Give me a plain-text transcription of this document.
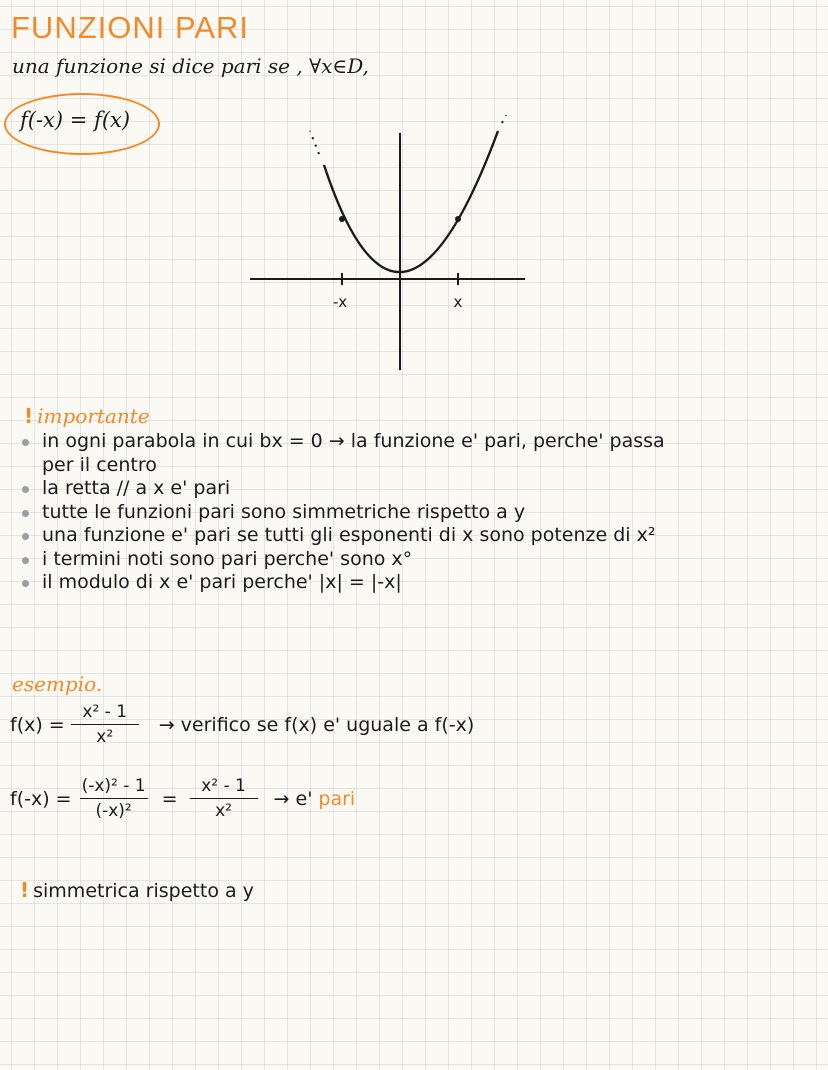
FUNZIONI PARI
una funzione si dice pari se , ∀x∈D,
f(-x) = f(x)
-x	x
! importante
in ogni parabola in cui bx = 0 → la funzione e' pari, perche' passa
per il centro
la retta // a x e' pari
tutte le funzioni pari sono simmetriche rispetto a y
una funzione e' pari se tutti gli esponenti di x sono potenze di x²
i termini noti sono pari perche' sono x°
il modulo di x e' pari perche' |x| = |-x|
esempio.
$f(x) = \frac{\text{x² - 1}}{\text{x²}}$ → verifico se f(x) e' uguale a f(-x)
$f(-x) = \frac{\text{(-x)² - 1}}{\text{(-x)²}} = \frac{\text{x² - 1}}{\text{x²}} \to e'$ pari
! simmetrica rispetto a y
